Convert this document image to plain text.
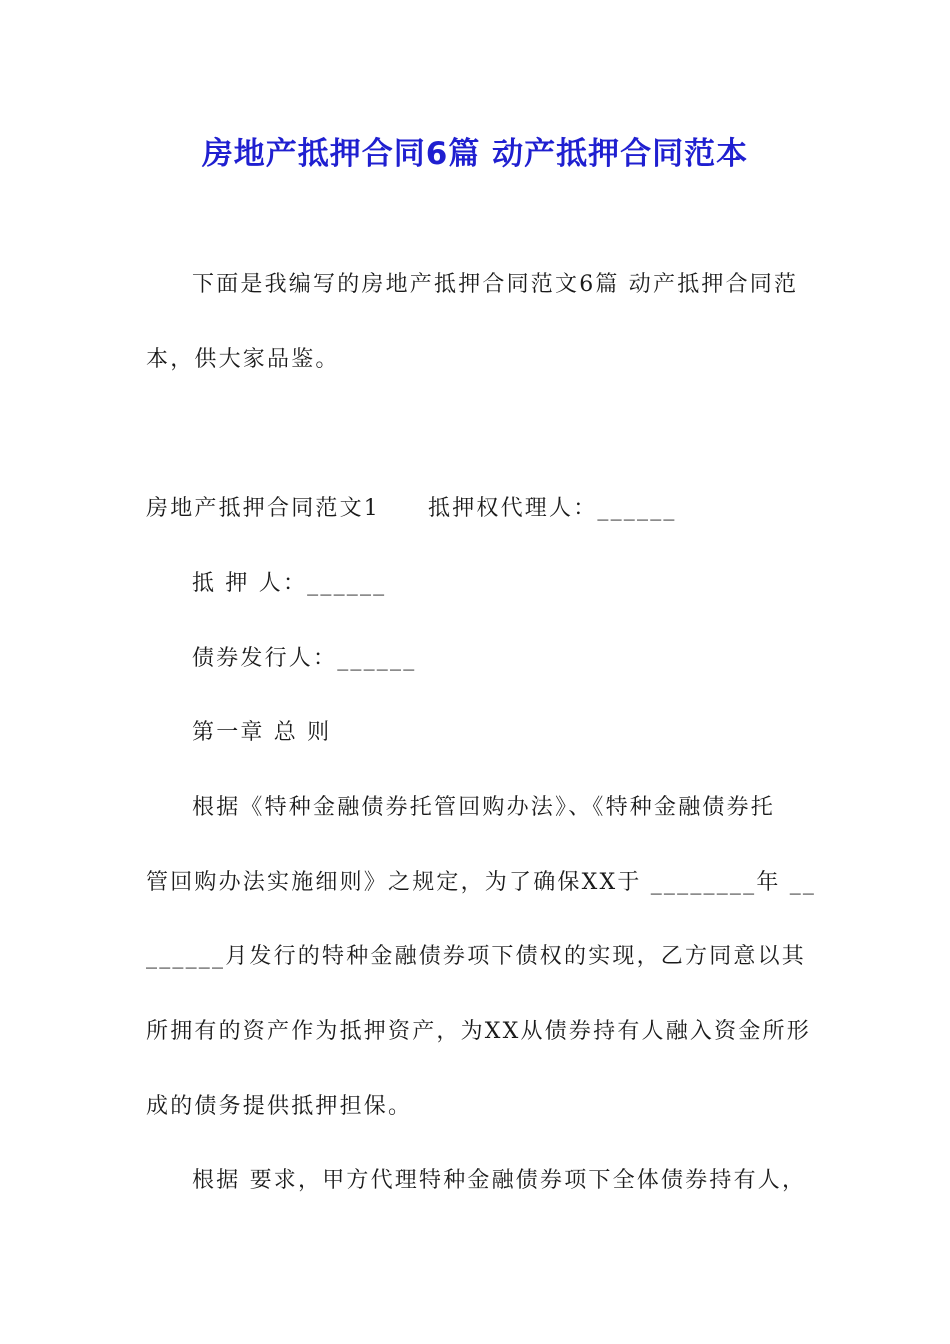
房地产抵押合同6篇 动产抵押合同范本
下面是我编写的房地产抵押合同范文6篇 动产抵押合同范
本，供大家品鉴。
房地产抵押合同范文1 抵押权代理人：______
抵 押 人：______
债券发行人：______
第一章 总 则
根据《特种金融债券托管回购办法》、《特种金融债券托
管回购办法实施细则》之规定，为了确保XX于 ________年 __
______月发行的特种金融债券项下债权的实现，乙方同意以其
所拥有的资产作为抵押资产，为XX从债券持有人融入资金所形
成的债务提供抵押担保。
根据 要求，甲方代理特种金融债券项下全体债券持有人，
